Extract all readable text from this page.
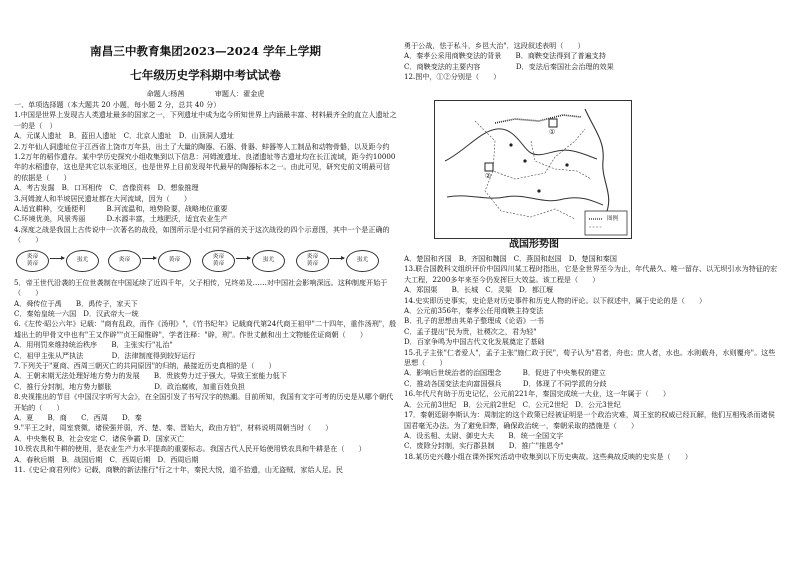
南昌三中教育集团2023—2024 学年上学期
七年级历史学科期中考试试卷
命题人:杨茜	审题人：翟金虎

一、单项选择题（本大题共 20 小题，每小题 2 分，总共 40 分）

1.中国是世界上发现古人类遗址最多的国家之一，下列遗址中成为迄今所知世界上内涵最丰富、材料最齐全的直立人遗址之一的是（　）

A．元谋人遗址　B．蓝田人遗址　C．北京人遗址　D．山顶洞人遗址

2.万年仙人洞遗址位于江西省上饶市万年县，出土了大量的陶器、石器、骨器、蚌器等人工制品和动物骨骼，以及距今约1.2万年的稻作遗存。某中学历史探究小组收集到以下信息：河姆渡遗址、良渚遗址等古遗址均在长江流域，距今约10000年的水稻遗存，这也是其它以东亚地区，也是世界上目前发现年代最早的陶器标本之一。由此可见，研究史前文明最可信的依据是（　　）

A．考古发掘　B．口耳相传　C．音像资料　D．想象推理

3.河姆渡人和半坡居民遗址都在大河流域，因为（　　）

A.适宜耕种，交通便利　　　B.河流温和，地势险要，战略地位重要

C.环境优美，风景秀丽　　　D.水源丰富，土地肥沃，适宜农业生产

4.深度之战是我国上古传说中一次著名的战役，如图所示是小红同学画的关于这次战役的四个示意图，其中一个是正确的（　　）

炎帝
黄帝
蚩尤	炎帝	黄帝
炎帝
黄帝
蚩尤
炎帝
黄帝
蚩尤

5．帝王世代沿袭的王位世袭制在中国延续了近四千年，父子相传，兄终弟及……对中国社会影响深远。这种制度开始于（　　）

A．舜传位于禹　　B．禹传子，家天下

C．秦始皇统一六国　D．汉武帝大一统

6.《左传·昭公六年》记载："商有乱政，而作《汤刑》"，《竹书纪年》记载商代第24代商王祖甲"二十四年，重作汤刑"，殷墟出土的甲骨文中也有"王又作辟""贞王闻惟辟"，学者注释："辟，刑"。作世丈献和出土文物能佐证商朝（　　）

A．用刑罚来维持统治秩序　　B．主张实行"礼治"

C．祖甲主张从严执法　　　　D．法律制度得到较好运行

7.下列关于"夏商、西周三朝灭亡的共同原因"的归纳，最接近历史真相的是（　　）

A．王朝末期无法处理好地方势力的发展　　B．贵族势力过于强大，导致王室能力低下

C．推行分封制，地方势力膨胀　　　　　　D．政治腐败，加重百姓负担

8.央视推出的节目《中国汉字听写大会》，在全国引发了书写汉字的热潮。目前所知，我国有文字可考的历史是从哪个朝代开始的（　　）

A．夏　　B．商　　C．西周　　D．秦

9."平王之时，周室衰微，诸侯强并弱，齐、楚、秦、晋始大，政由方伯"，材料说明周朝当时（　　）

A．中央集权 B．社会安定 C．诸侯争霸 D．国家灭亡

10.铁农具和牛耕的使用，是农业生产力水平提高的重要标志。我国古代人民开始使用铁农具和牛耕是在（　　）

A．春秋后期　B．战国后期　C．西周后期　D．西周后期

11.《史记·商君列传》记载，商鞅的新法推行"行之十年，秦民大悦，道不拾遗，山无盗贼，家给人足。民

勇于公战，怯于私斗，乡邑大治"．这段叙述表明（　　）

A．秦孝公采用商鞅变法的背景　　B．商鞅变法得到了普遍支持

C．商鞅变法的主要内容　　　　　D．变法后秦国社会治理的效果

12.图中，①②分别是（　　）

①
②
图例
战国形势图

A．楚国和齐国　B．齐国和魏国　C．燕国和赵国　D．楚国和秦国

13.联合国教科文组织评价中国四川某工程时指出，它是全世界至今为止，年代最久、唯一留存、以无坝引水为特征的宏大工程，2200多年来至今仍发挥巨大效益。该工程是（　　）

A．郑国渠　　B．长城　C．灵渠　D．都江堰

14.史实即历史事实，史论是对历史事件和历史人物的评论。以下叙述中，属于史论的是（　　）

A．公元前356年，秦孝公任用商鞅主持变法

B．孔子的思想由其弟子整理成《论语》一书

C．孟子提出"民为贵，社稷次之，君为轻"

D．百家争鸣为中国古代文化发展奠定了基础

15.孔子主张"仁者爱人"，孟子主张"施仁政于民"，荀子认为"君者，舟也；庶人者，水也。水则载舟，水则覆舟"。这些思想（　　）

A．影响后世统治者的治国理念　　　B．促进了中央集权的建立

C．推动各国变法走向富国强兵　　　D．体现了不同学派的分歧

16.年代尺有助于历史记忆，公元前221年，秦国完成统一大业，这一年属于（　　）

A．公元前3世纪　B．公元前2世纪　C．公元2世纪　D．公元3世纪

17．秦朝廷尉李斯认为：周制定的这个政策已经被证明是一个政治灾难，周王室的权威已经瓦解，他们互相残杀而诸侯国君毫无办法。为了避免旧弊，确保政治统一，秦朝采取的措施是（　　）

A．设丞相、太尉、御史大夫　　B．统一全国文字

C．废除分封制，实行郡县制　　D．推广"推恩令"

18.某历史兴趣小组在课外探究活动中收集到以下历史典故。这些典故反映的史实是（　　）
